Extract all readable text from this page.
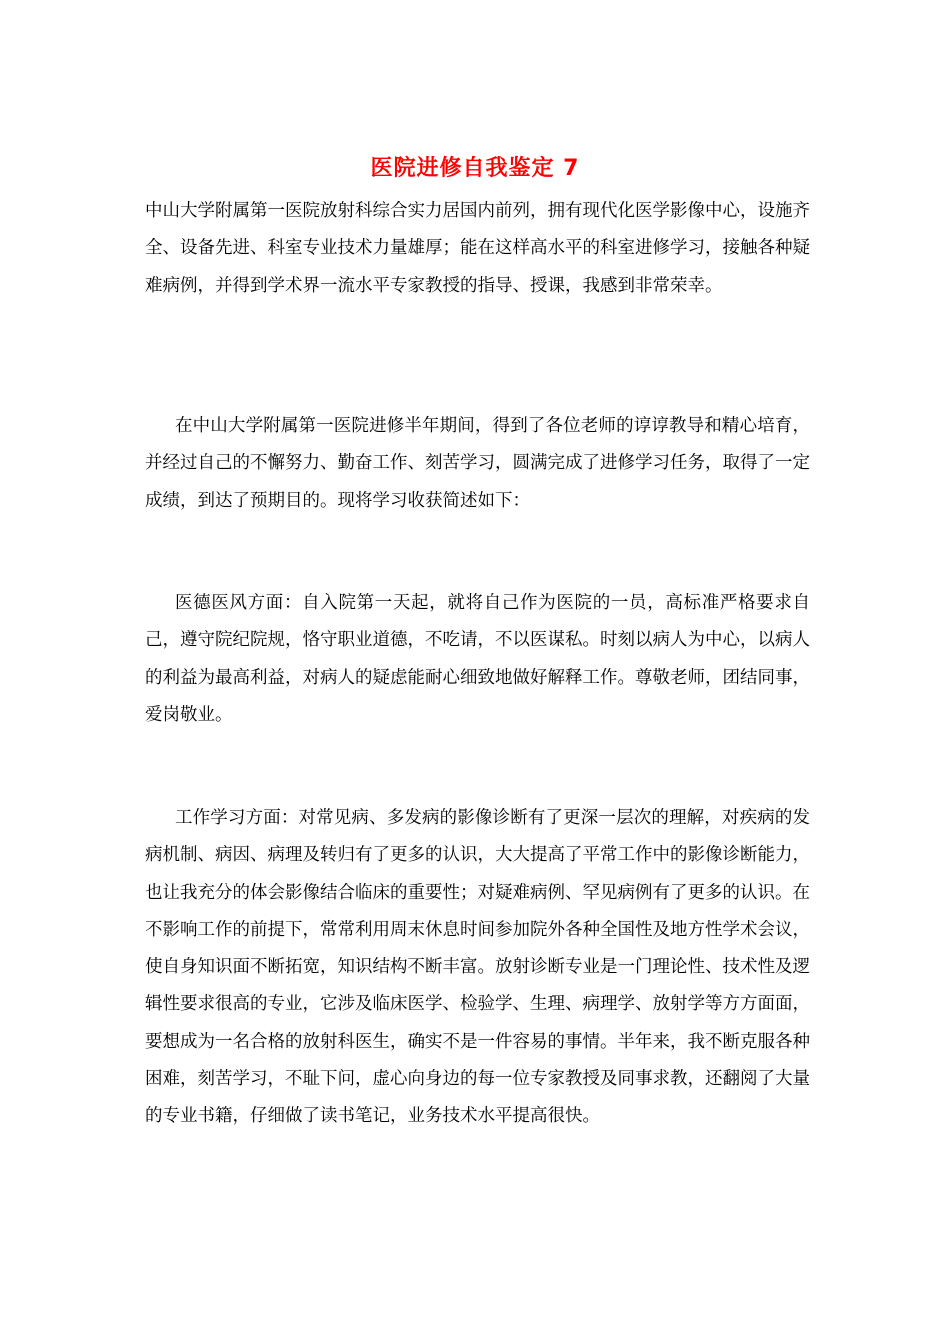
医院进修自我鉴定 7

中山大学附属第一医院放射科综合实力居国内前列，拥有现代化医学影像中心，设施齐全、设备先进、科室专业技术力量雄厚；能在这样高水平的科室进修学习，接触各种疑难病例，并得到学术界一流水平专家教授的指导、授课，我感到非常荣幸。

在中山大学附属第一医院进修半年期间，得到了各位老师的谆谆教导和精心培育，并经过自己的不懈努力、勤奋工作、刻苦学习，圆满完成了进修学习任务，取得了一定成绩，到达了预期目的。现将学习收获简述如下：

医德医风方面：自入院第一天起，就将自己作为医院的一员，高标准严格要求自己，遵守院纪院规，恪守职业道德，不吃请，不以医谋私。时刻以病人为中心，以病人的利益为最高利益，对病人的疑虑能耐心细致地做好解释工作。尊敬老师，团结同事，爱岗敬业。

工作学习方面：对常见病、多发病的影像诊断有了更深一层次的理解，对疾病的发病机制、病因、病理及转归有了更多的认识，大大提高了平常工作中的影像诊断能力，也让我充分的体会影像结合临床的重要性；对疑难病例、罕见病例有了更多的认识。在不影响工作的前提下，常常利用周末休息时间参加院外各种全国性及地方性学术会议，使自身知识面不断拓宽，知识结构不断丰富。放射诊断专业是一门理论性、技术性及逻辑性要求很高的专业，它涉及临床医学、检验学、生理、病理学、放射学等方方面面，要想成为一名合格的放射科医生，确实不是一件容易的事情。半年来，我不断克服各种困难，刻苦学习，不耻下问，虚心向身边的每一位专家教授及同事求教，还翻阅了大量的专业书籍，仔细做了读书笔记，业务技术水平提高很快。
